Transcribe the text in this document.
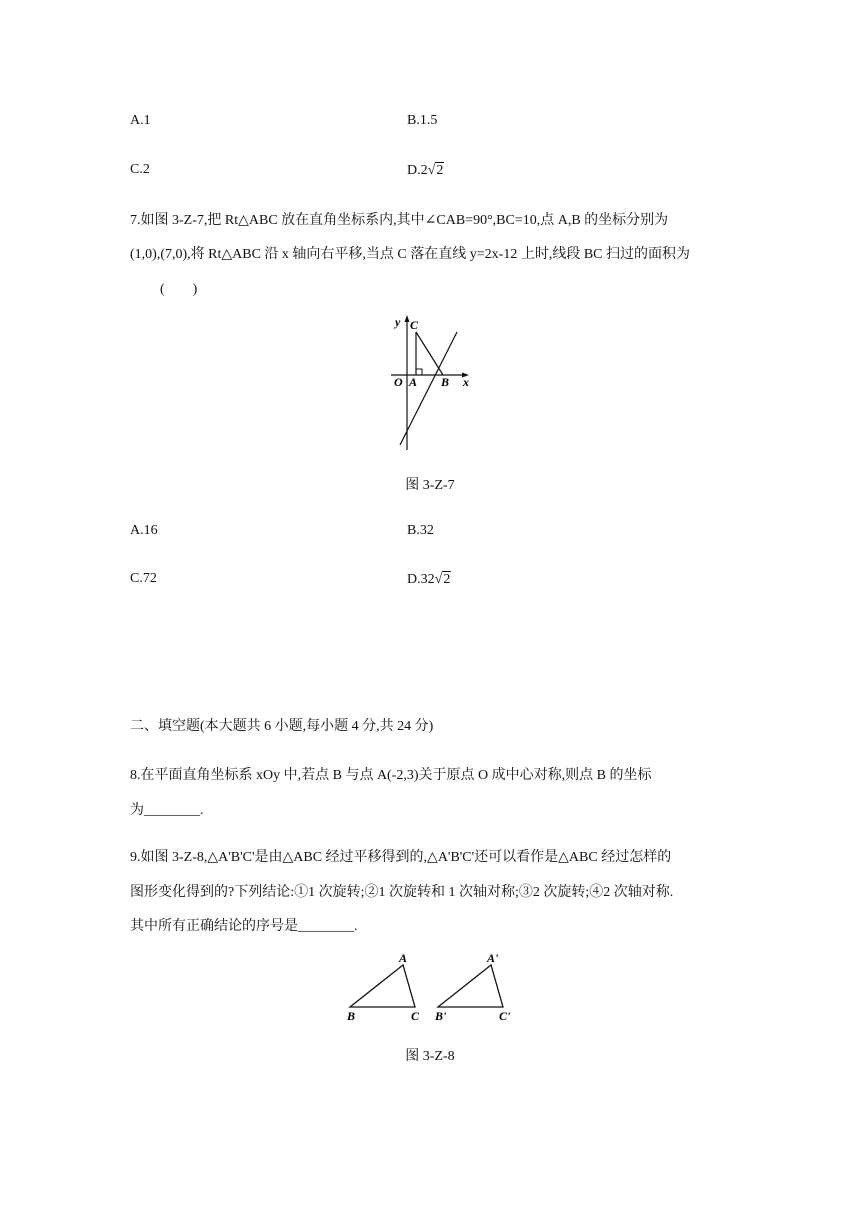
A.1	B.1.5
C.2	D.2√2
7.如图 3-Z-7,把 Rt△ABC 放在直角坐标系内,其中∠CAB=90°,BC=10,点 A,B 的坐标分别为
(1,0),(7,0),将 Rt△ABC 沿 x 轴向右平移,当点 C 落在直线 y=2x-12 上时,线段 BC 扫过的面积为
(　　)
y C
O A B x
图 3-Z-7
A.16	B.32
C.72	D.32√2
二、填空题(本大题共 6 小题,每小题 4 分,共 24 分)
8.在平面直角坐标系 xOy 中,若点 B 与点 A(-2,3)关于原点 O 成中心对称,则点 B 的坐标
为________.
9.如图 3-Z-8,△A'B'C'是由△ABC 经过平移得到的,△A'B'C'还可以看作是△ABC 经过怎样的
图形变化得到的?下列结论:①1 次旋转;②1 次旋转和 1 次轴对称;③2 次旋转;④2 次轴对称.
其中所有正确结论的序号是________.
A
B	C
A'
B'	C'
图 3-Z-8
